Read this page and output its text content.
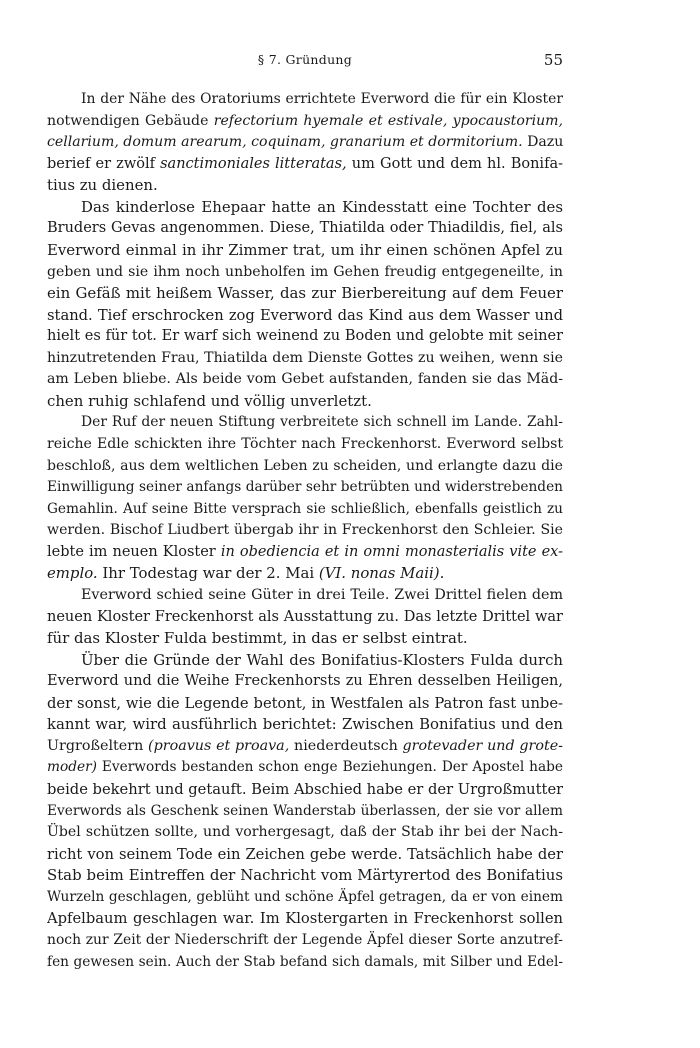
§ 7. Gründung	55
In der Nähe des Oratoriums errichtete Everword die für ein Kloster
notwendigen Gebäude refectorium hyemale et estivale, ypocaustorium,
cellarium, domum arearum, coquinam, granarium et dormitorium. Dazu
berief er zwölf sanctimoniales litteratas, um Gott und dem hl. Bonifa-
tius zu dienen.
Das kinderlose Ehepaar hatte an Kindesstatt eine Tochter des
Bruders Gevas angenommen. Diese, Thiatilda oder Thiadildis, fiel, als
Everword einmal in ihr Zimmer trat, um ihr einen schönen Apfel zu
geben und sie ihm noch unbeholfen im Gehen freudig entgegeneilte, in
ein Gefäß mit heißem Wasser, das zur Bierbereitung auf dem Feuer
stand. Tief erschrocken zog Everword das Kind aus dem Wasser und
hielt es für tot. Er warf sich weinend zu Boden und gelobte mit seiner
hinzutretenden Frau, Thiatilda dem Dienste Gottes zu weihen, wenn sie
am Leben bliebe. Als beide vom Gebet aufstanden, fanden sie das Mäd-
chen ruhig schlafend und völlig unverletzt.
Der Ruf der neuen Stiftung verbreitete sich schnell im Lande. Zahl-
reiche Edle schickten ihre Töchter nach Freckenhorst. Everword selbst
beschloß, aus dem weltlichen Leben zu scheiden, und erlangte dazu die
Einwilligung seiner anfangs darüber sehr betrübten und widerstrebenden
Gemahlin. Auf seine Bitte versprach sie schließlich, ebenfalls geistlich zu
werden. Bischof Liudbert übergab ihr in Freckenhorst den Schleier. Sie
lebte im neuen Kloster in obediencia et in omni monasterialis vite ex-
emplo. Ihr Todestag war der 2. Mai (VI. nonas Maii).
Everword schied seine Güter in drei Teile. Zwei Drittel fielen dem
neuen Kloster Freckenhorst als Ausstattung zu. Das letzte Drittel war
für das Kloster Fulda bestimmt, in das er selbst eintrat.
Über die Gründe der Wahl des Bonifatius-Klosters Fulda durch
Everword und die Weihe Freckenhorsts zu Ehren desselben Heiligen,
der sonst, wie die Legende betont, in Westfalen als Patron fast unbe-
kannt war, wird ausführlich berichtet: Zwischen Bonifatius und den
Urgroßeltern (proavus et proava, niederdeutsch grotevader und grote-
moder) Everwords bestanden schon enge Beziehungen. Der Apostel habe
beide bekehrt und getauft. Beim Abschied habe er der Urgroßmutter
Everwords als Geschenk seinen Wanderstab überlassen, der sie vor allem
Übel schützen sollte, und vorhergesagt, daß der Stab ihr bei der Nach-
richt von seinem Tode ein Zeichen gebe werde. Tatsächlich habe der
Stab beim Eintreffen der Nachricht vom Märtyrertod des Bonifatius
Wurzeln geschlagen, geblüht und schöne Äpfel getragen, da er von einem
Apfelbaum geschlagen war. Im Klostergarten in Freckenhorst sollen
noch zur Zeit der Niederschrift der Legende Äpfel dieser Sorte anzutref-
fen gewesen sein. Auch der Stab befand sich damals, mit Silber und Edel-
